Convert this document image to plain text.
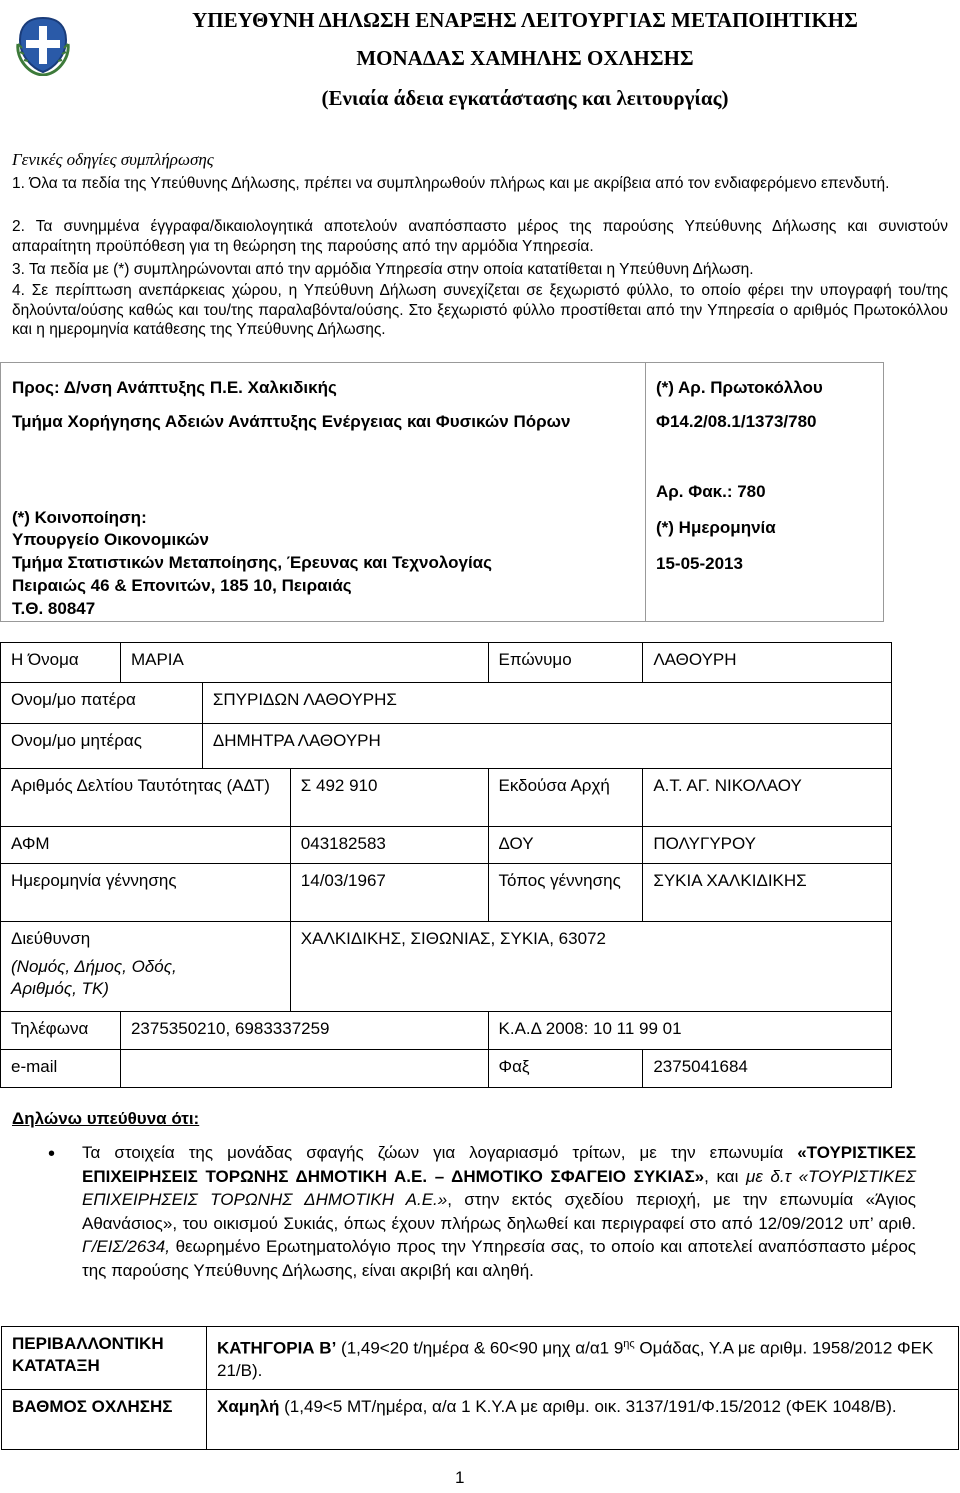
ΥΠΕΥΘΥΝΗ ΔΗΛΩΣΗ ΕΝΑΡΞΗΣ ΛΕΙΤΟΥΡΓΙΑΣ ΜΕΤΑΠΟΙΗΤΙΚΗΣ
ΜΟΝΑΔΑΣ ΧΑΜΗΛΗΣ ΟΧΛΗΣΗΣ
(Ενιαία άδεια εγκατάστασης και λειτουργίας)
Γενικές οδηγίες συμπλήρωσης
1. Όλα τα πεδία της Υπεύθυνης Δήλωσης, πρέπει να συμπληρωθούν πλήρως και με ακρίβεια από τον ενδιαφερόμενο επενδυτή.
2. Τα συνημμένα έγγραφα/δικαιολογητικά αποτελούν αναπόσπαστο μέρος της παρούσης Υπεύθυνης Δήλωσης και συνιστούν απαραίτητη προϋπόθεση για τη θεώρηση της παρούσης από την αρμόδια Υπηρεσία.
3. Τα πεδία με (*) συμπληρώνονται από την αρμόδια Υπηρεσία στην οποία κατατίθεται η Υπεύθυνη Δήλωση.
4. Σε περίπτωση ανεπάρκειας χώρου, η Υπεύθυνη Δήλωση συνεχίζεται σε ξεχωριστό φύλλο, το οποίο φέρει την υπογραφή του/της δηλούντα/ούσης καθώς και του/της παραλαβόντα/ούσης. Στο ξεχωριστό φύλλο προστίθεται από την Υπηρεσία ο αριθμός Πρωτοκόλλου και η ημερομηνία κατάθεσης της Υπεύθυνης Δήλωσης.
Προς: Δ/νση Ανάπτυξης Π.Ε. Χαλκιδικής
Τμήμα Χορήγησης Αδειών Ανάπτυξης Ενέργειας και Φυσικών Πόρων
(*) Κοινοποίηση:
Υπουργείο Οικονομικών
Τμήμα Στατιστικών Μεταποίησης, Έρευνας και Τεχνολογίας
Πειραιώς 46 & Επονιτών, 185 10, Πειραιάς
Τ.Θ. 80847
(*) Αρ. Πρωτοκόλλου
Φ14.2/08.1/1373/780
Αρ. Φακ.: 780
(*) Ημερομηνία
15-05-2013
Η Όνομα	ΜΑΡΙΑ			Επώνυμο	ΛΑΘΟΥΡΗ
Ονομ/μο πατέρα		ΣΠΥΡΙΔΩΝ ΛΑΘΟΥΡΗΣ			
Ονομ/μο μητέρας		ΔΗΜΗΤΡΑ ΛΑΘΟΥΡΗ			
Αριθμός Δελτίου Ταυτότητας (ΑΔΤ)			Σ 492 910	Εκδούσα Αρχή	Α.Τ. ΑΓ. ΝΙΚΟΛΑΟΥ
ΑΦΜ			043182583	ΔΟΥ	ΠΟΛΥΓΥΡΟΥ
Ημερομηνία γέννησης			14/03/1967	Τόπος γέννησης	ΣΥΚΙΑ ΧΑΛΚΙΔΙΚΗΣ

Διεύθυνση
(Νομός, Δήμος, Οδός, Αριθμός, ΤΚ)			ΧΑΛΚΙΔΙΚΗΣ, ΣΙΘΩΝΙΑΣ, ΣΥΚΙΑ, 63072		
Τηλέφωνα	2375350210, 6983337259			Κ.Α.Δ 2008: 10 11 99 01	
e-mail				Φαξ	2375041684
Δηλώνω υπεύθυνα ότι:
• Τα στοιχεία της μονάδας σφαγής ζώων για λογαριασμό τρίτων, με την επωνυμία «ΤΟΥΡΙΣΤΙΚΕΣ ΕΠΙΧΕΙΡΗΣΕΙΣ ΤΟΡΩΝΗΣ ΔΗΜΟΤΙΚΗ Α.Ε. – ΔΗΜΟΤΙΚΟ ΣΦΑΓΕΙΟ ΣΥΚΙΑΣ», και με δ.τ «ΤΟΥΡΙΣΤΙΚΕΣ ΕΠΙΧΕΙΡΗΣΕΙΣ ΤΟΡΩΝΗΣ ΔΗΜΟΤΙΚΗ Α.Ε.», στην εκτός σχεδίου περιοχή, με την επωνυμία «Άγιος Αθανάσιος», του οικισμού Συκιάς, όπως έχουν πλήρως δηλωθεί και περιγραφεί στο από 12/09/2012 υπ’ αριθ. Γ/ΕΙΣ/2634, θεωρημένο Ερωτηματολόγιο προς την Υπηρεσία σας, το οποίο και αποτελεί αναπόσπαστο μέρος της παρούσης Υπεύθυνης Δήλωσης, είναι ακριβή και αληθή.
ΠΕΡΙΒΑΛΛΟΝΤΙΚΗ ΚΑΤΑΤΑΞΗ	ΚΑΤΗΓΟΡΙΑ Β’ (1,49<20 t/ημέρα & 60<90 μηχ α/α1 $9^{\eta\varsigma}$ Ομάδας, Υ.Α με αριθμ. 1958/2012 ΦΕΚ 21/Β).
ΒΑΘΜΟΣ ΟΧΛΗΣΗΣ	Χαμηλή (1,49<5 ΜΤ/ημέρα, α/α 1 Κ.Υ.Α με αριθμ. οικ. 3137/191/Φ.15/2012 (ΦΕΚ 1048/Β).
1
